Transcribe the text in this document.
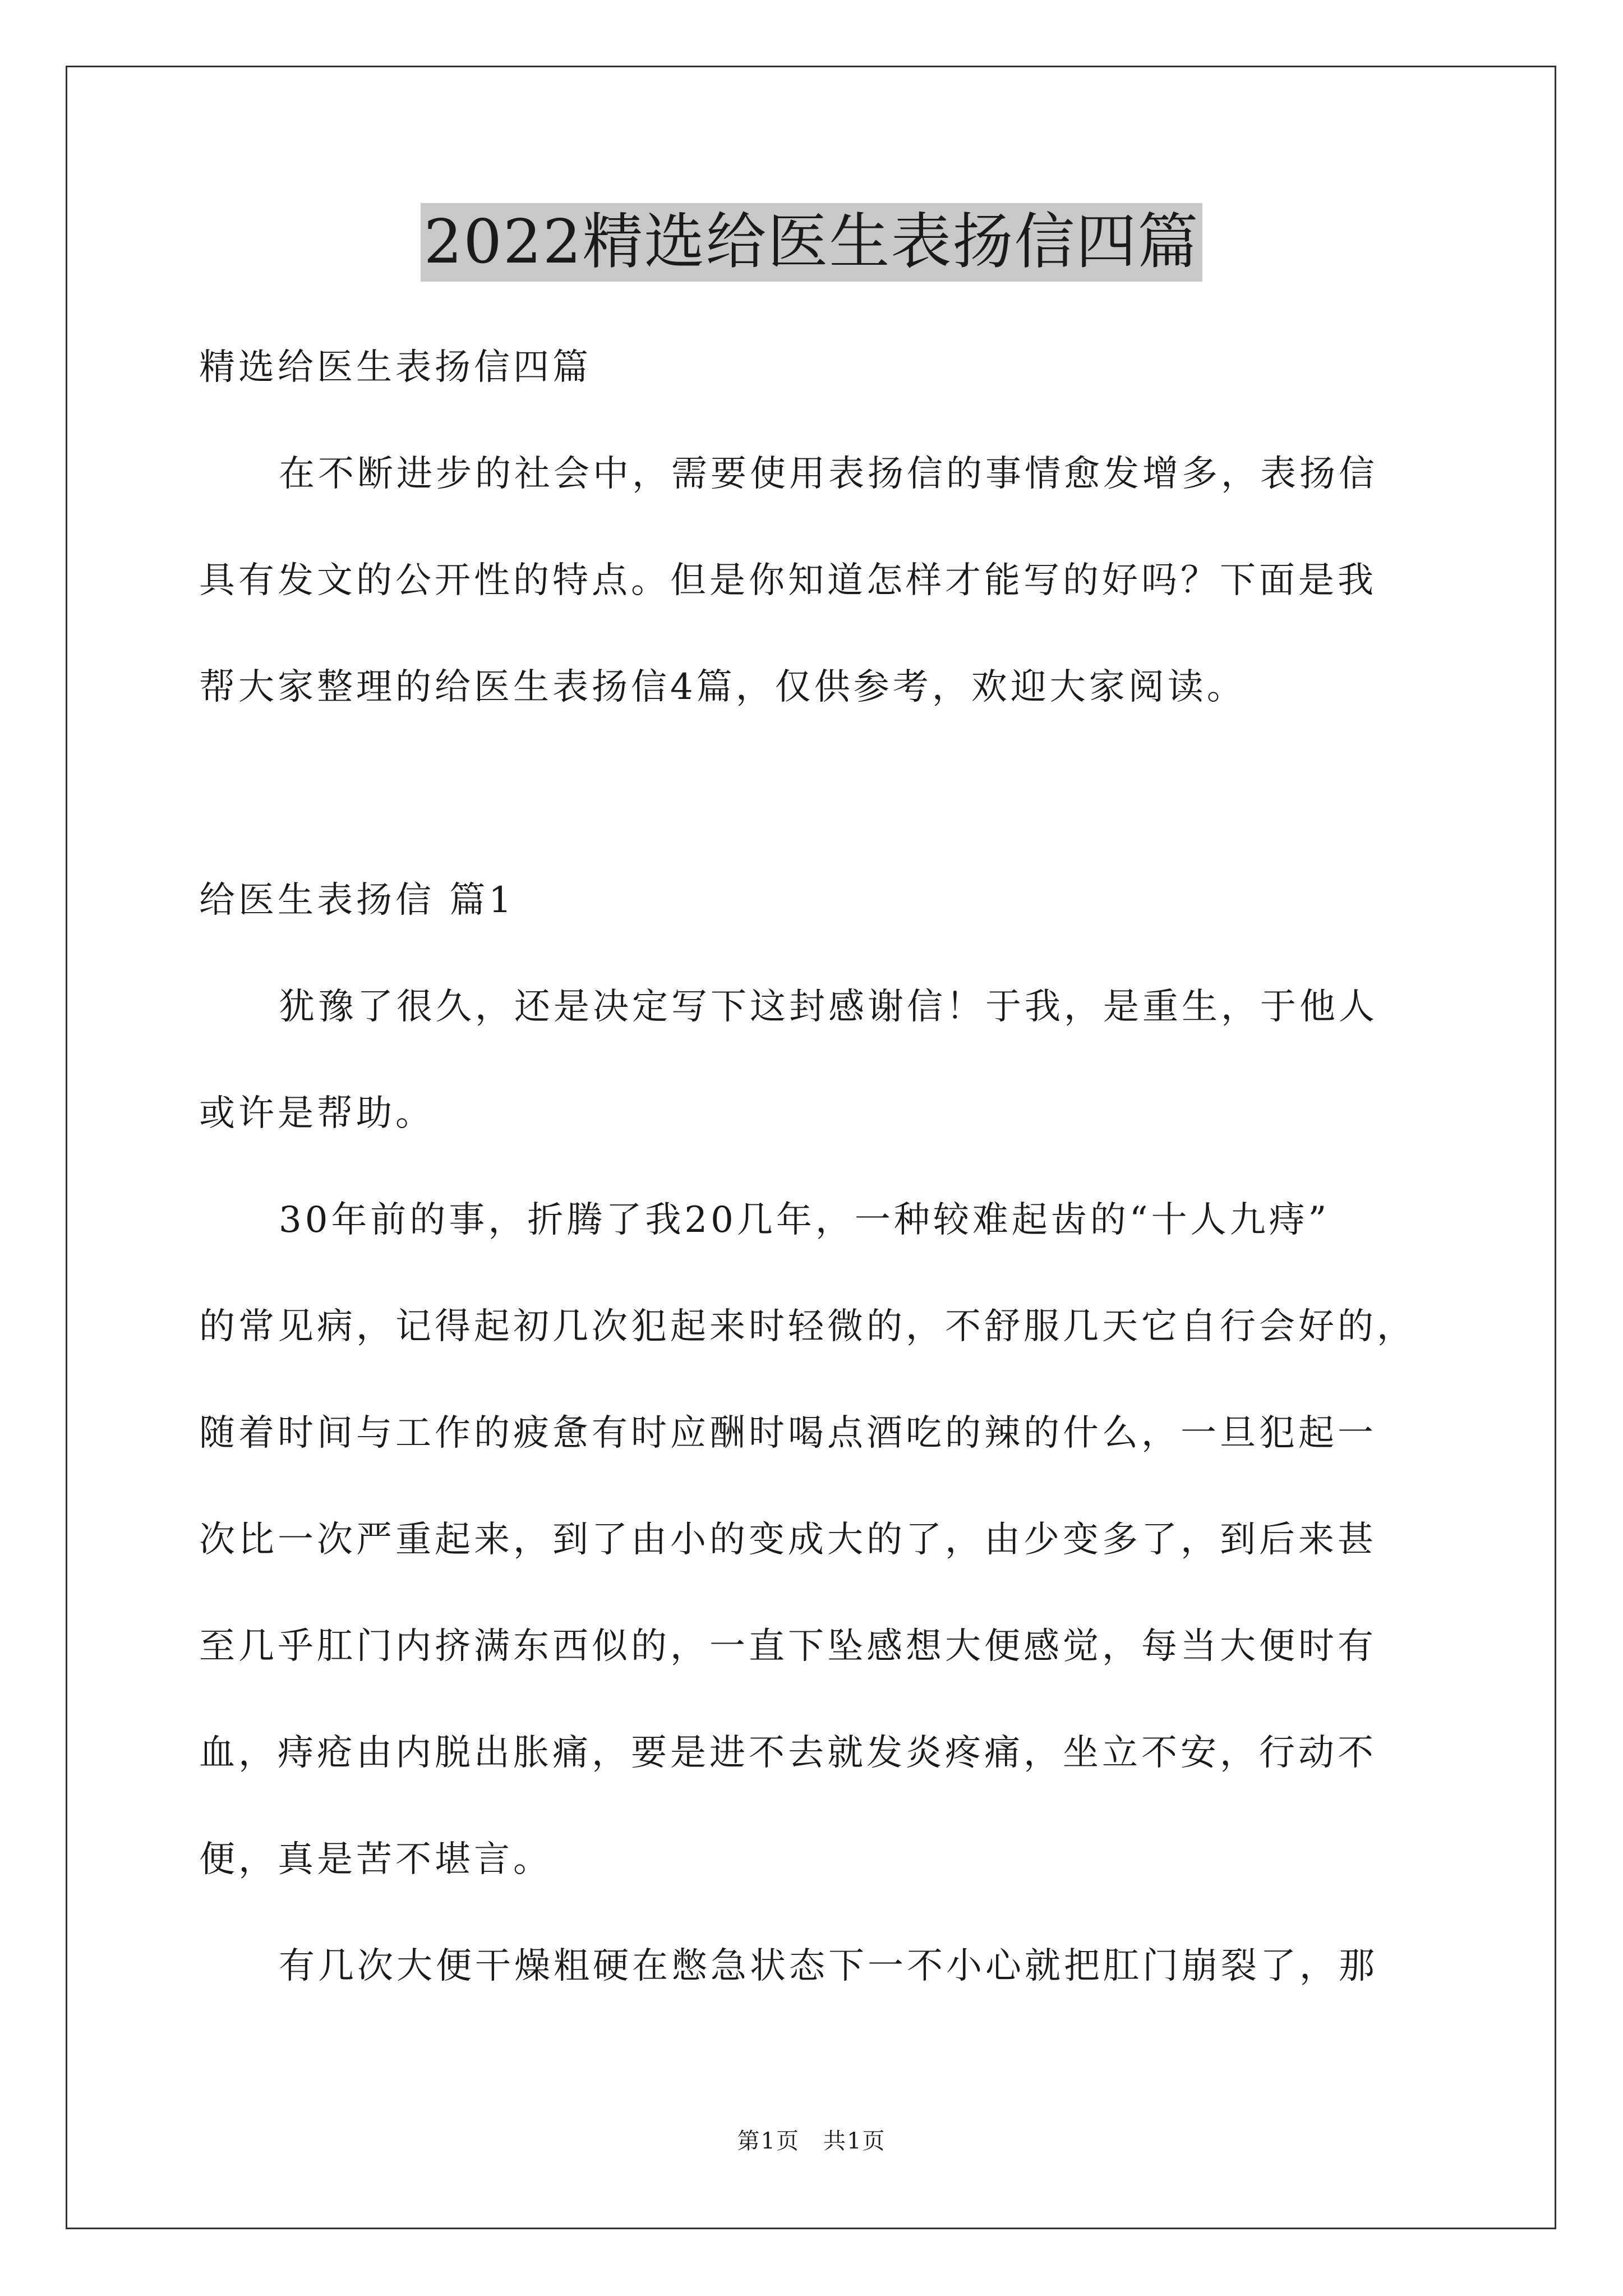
2022精选给医生表扬信四篇
精选给医生表扬信四篇
在不断进步的社会中，需要使用表扬信的事情愈发增多，表扬信
具有发文的公开性的特点。但是你知道怎样才能写的好吗？下面是我
帮大家整理的给医生表扬信4篇，仅供参考，欢迎大家阅读。
给医生表扬信 篇1
犹豫了很久，还是决定写下这封感谢信！于我，是重生，于他人
或许是帮助。
30年前的事，折腾了我20几年，一种较难起齿的“十人九痔”
的常见病，记得起初几次犯起来时轻微的，不舒服几天它自行会好的，
随着时间与工作的疲惫有时应酬时喝点酒吃的辣的什么，一旦犯起一
次比一次严重起来，到了由小的变成大的了，由少变多了，到后来甚
至几乎肛门内挤满东西似的，一直下坠感想大便感觉，每当大便时有
血，痔疮由内脱出胀痛，要是进不去就发炎疼痛，坐立不安，行动不
便，真是苦不堪言。
有几次大便干燥粗硬在憋急状态下一不小心就把肛门崩裂了，那
第1页　共1页
